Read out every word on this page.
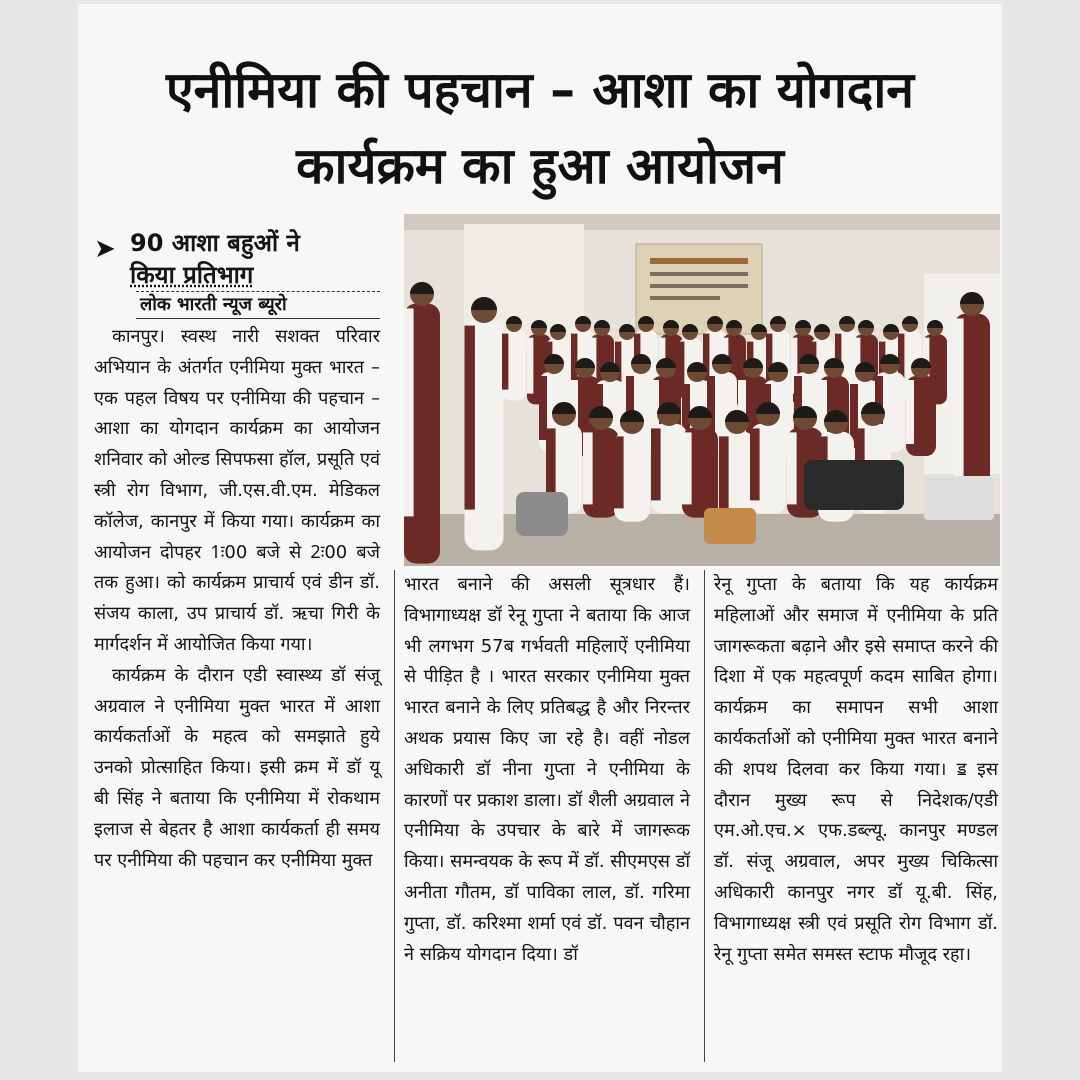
एनीमिया की पहचान – आशा का योगदान
कार्यक्रम का हुआ आयोजन
➤ 90 आशा बहुओं ने
किया प्रतिभाग
लोक भारती न्यूज ब्यूरो

कानपुर। स्वस्थ नारी सशक्त परिवार अभियान के अंतर्गत एनीमिया मुक्त भारत – एक पहल विषय पर एनीमिया की पहचान – आशा का योगदान कार्यक्रम का आयोजन शनिवार को ओल्ड सिपफसा हॉल, प्रसूति एवं स्त्री रोग विभाग, जी.एस.वी.एम. मेडिकल कॉलेज, कानपुर में किया गया। कार्यक्रम का आयोजन दोपहर 1ः00 बजे से 2ः00 बजे तक हुआ। को कार्यक्रम प्राचार्य एवं डीन डॉ. संजय काला, उप प्राचार्य डॉ. ऋचा गिरी के मार्गदर्शन में आयोजित किया गया।

कार्यक्रम के दौरान एडी स्वास्थ्य डॉ संजू अग्रवाल ने एनीमिया मुक्त भारत में आशा कार्यकर्ताओं के महत्व को समझाते हुये उनको प्रोत्साहित किया। इसी क्रम में डॉ यू बी सिंह ने बताया कि एनीमिया में रोकथाम इलाज से बेहतर है आशा कार्यकर्ता ही समय पर एनीमिया की पहचान कर एनीमिया मुक्त

भारत बनाने की असली सूत्रधार हैं। विभागाध्यक्ष डॉ रेनू गुप्ता ने बताया कि आज भी लगभग 57ब गर्भवती महिलाऐं एनीमिया से पीड़ित है । भारत सरकार एनीमिया मुक्त भारत बनाने के लिए प्रतिबद्ध है और निरन्तर अथक प्रयास किए जा रहे है। वहीं नोडल अधिकारी डॉ नीना गुप्ता ने एनीमिया के कारणों पर प्रकाश डाला। डॉ शैली अग्रवाल ने एनीमिया के उपचार के बारे में जागरूक किया। समन्वयक के रूप में डॉ. सीएमएस डॉ अनीता गौतम, डॉ पाविका लाल, डॉ. गरिमा गुप्ता, डॉ. करिश्मा शर्मा एवं डॉ. पवन चौहान ने सक्रिय योगदान दिया। डॉ

रेनू गुप्ता के बताया कि यह कार्यक्रम महिलाओं और समाज में एनीमिया के प्रति जागरूकता बढ़ाने और इसे समाप्त करने की दिशा में एक महत्वपूर्ण कदम साबित होगा। कार्यक्रम का समापन सभी आशा कार्यकर्ताओं को एनीमिया मुक्त भारत बनाने की शपथ दिलवा कर किया गया। ॾ इस दौरान मुख्य रूप से निदेशक/एडी एम.ओ.एच.× एफ.डब्ल्यू. कानपुर मण्डल डॉ. संजू अग्रवाल, अपर मुख्य चिकित्सा अधिकारी कानपुर नगर डॉ यू.बी. सिंह, विभागाध्यक्ष स्त्री एवं प्रसूति रोग विभाग डॉ. रेनू गुप्ता समेत समस्त स्टाफ मौजूद रहा।
